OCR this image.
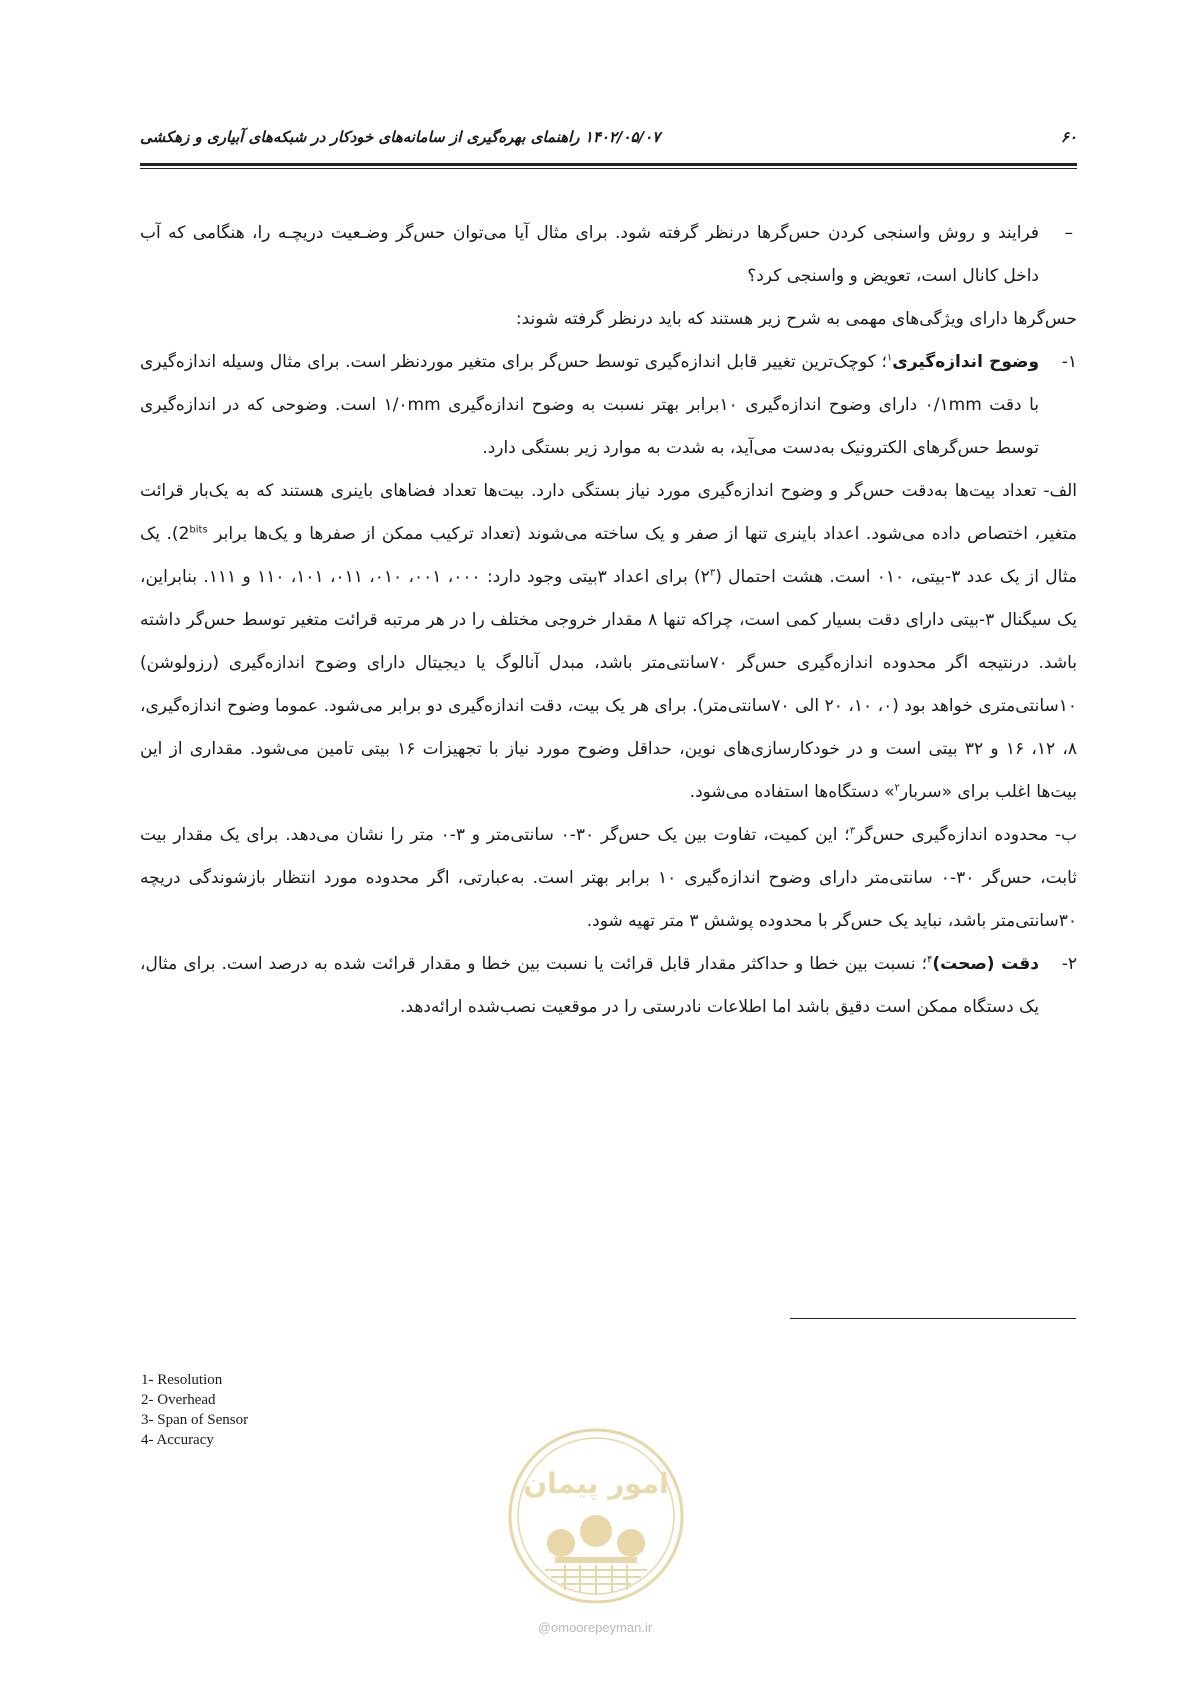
۶۰
۱۴۰۲/۰۵/۰۷ راهنمای بهره‌گیری از سامانه‌های خودکار در شبکه‌های آبیاری و زهکشی

–
فرایند و روش واسنجی کردن حس‌گرها درنظر گرفته شود. برای مثال آیا می‌توان حس‌گر وضـعیت دریچـه را، هنگامی که آب داخل کانال است، تعویض و واسنجی کرد؟

حس‌گرها دارای ویژگی‌های مهمی به شرح زیر هستند که باید درنظر گرفته شوند:

۱-
وضوح اندازه‌گیری$^۱$؛ کوچک‌ترین تغییر قابل اندازه‌گیری توسط حس‌گر برای متغیر موردنظر است. برای مثال وسیله اندازه‌گیری با دقت ۰/۱mm دارای وضوح اندازه‌گیری ۱۰برابر بهتر نسبت به وضوح اندازه‌گیری ۱/۰mm است. وضوحی که در اندازه‌گیری توسط حس‌گرهای الکترونیک به‌دست می‌آید، به شدت به موارد زیر بستگی دارد.

الف- تعداد بیت‌ها به‌دقت حس‌گر و وضوح اندازه‌گیری مورد نیاز بستگی دارد. بیت‌ها تعداد فضاهای باینری هستند که به یک‌بار قرائت متغیر، اختصاص داده می‌شود. اعداد باینری تنها از صفر و یک ساخته می‌شوند (تعداد ترکیب ممکن از صفرها و یک‌ها برابر $2^{bits}$). یک مثال از یک عدد ۳-بیتی، ۰۱۰ است. هشت احتمال $(۲^۳)$ برای اعداد ۳بیتی وجود دارد: ۰۰۰، ۰۰۱، ۰۱۰، ۰۱۱، ۱۰۱، ۱۱۰ و ۱۱۱. بنابراین، یک سیگنال ۳-بیتی دارای دقت بسیار کمی است، چراکه تنها ۸ مقدار خروجی مختلف را در هر مرتبه قرائت متغیر توسط حس‌گر داشته باشد. درنتیجه اگر محدوده اندازه‌گیری حس‌گر ۷۰سانتی‌متر باشد، مبدل آنالوگ یا دیجیتال دارای وضوح اندازه‌گیری (رزولوشن) ۱۰سانتی‌متری خواهد بود (۰، ۱۰، ۲۰ الی ۷۰سانتی‌متر). برای هر یک بیت، دقت اندازه‌گیری دو برابر می‌شود. عموما وضوح اندازه‌گیری، ۸، ۱۲، ۱۶ و ۳۲ بیتی است و در خودکارسازی‌های نوین، حداقل وضوح مورد نیاز با تجهیزات ۱۶ بیتی تامین می‌شود. مقداری از این بیت‌ها اغلب برای «سربار$^۲$» دستگاه‌ها استفاده می‌شود.

ب- محدوده اندازه‌گیری حس‌گر$^۳$؛ این کمیت، تفاوت بین یک حس‌گر ۳۰-۰ سانتی‌متر و ۳-۰ متر را نشان می‌دهد. برای یک مقدار بیت ثابت، حس‌گر ۳۰-۰ سانتی‌متر دارای وضوح اندازه‌گیری ۱۰ برابر بهتر است. به‌عبارتی، اگر محدوده مورد انتظار بازشوندگی دریچه ۳۰سانتی‌متر باشد، نباید یک حس‌گر با محدوده پوشش ۳ متر تهیه شود.

۲-
دقت (صحت)$^۴$؛ نسبت بین خطا و حداکثر مقدار قابل قرائت یا نسبت بین خطا و مقدار قرائت شده به درصد است. برای مثال، یک دستگاه ممکن است دقیق باشد اما اطلاعات نادرستی را در موقعیت نصب‌شده ارائه‌دهد.

1- Resolution
2- Overhead
3- Span of Sensor
4- Accuracy
امور پیمان
@omoorepeyman.ir
